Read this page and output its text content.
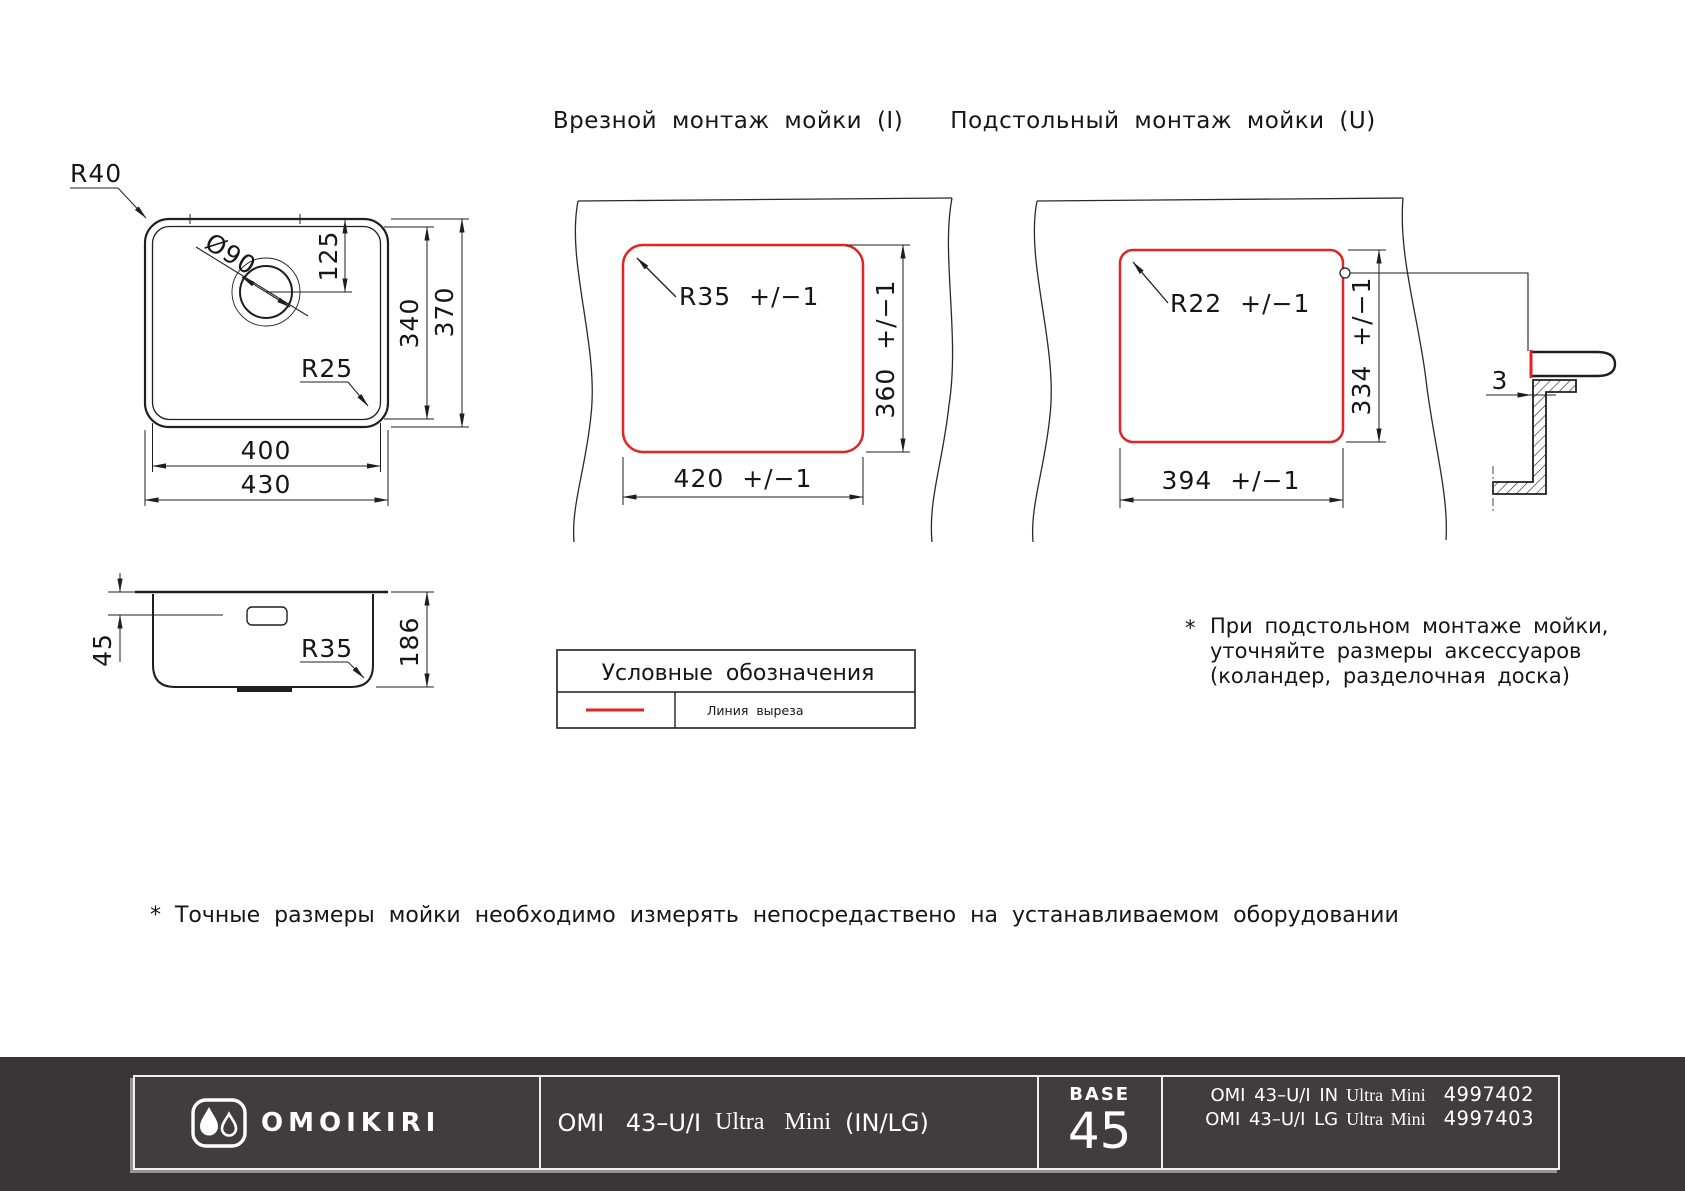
R40
Ø90 125
340 370
R25
400
430
45	R35 186
Врезной монтаж мойки (I)
R35 +/−1 360 +/−1
420 +/−1
Подстольный монтаж мойки (U)
R22 +/−1 334 +/−1
394 +/−1
3
Условные обозначения
Линия выреза
* При подстольном монтаже мойки,
уточняйте размеры аксессуаров
(коландер, разделочная доска)
* Точные размеры мойки необходимо измерять непосредаствено на устанавливаемом оборудовании
OMOIKIRI	OMI 43–U/I Ultra Mini (IN/LG)
BASE
45
OMI 43–U/I IN Ultra Mini 4997402
OMI 43–U/I LG Ultra Mini 4997403
